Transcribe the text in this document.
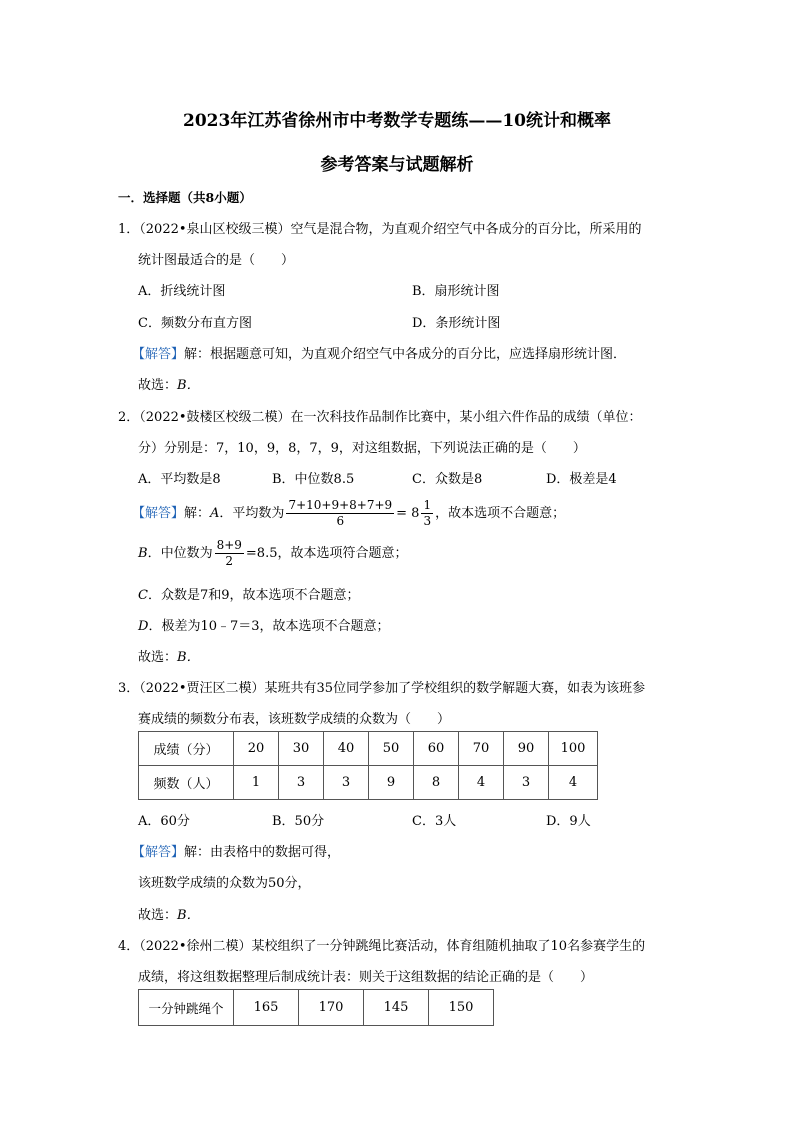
2023年江苏省徐州市中考数学专题练——10统计和概率
参考答案与试题解析
一．选择题（共8小题）
1．（2022•泉山区校级三模）空气是混合物，为直观介绍空气中各成分的百分比，所采用的
统计图最适合的是（　　）
A．折线统计图	B．扇形统计图
C．频数分布直方图	D．条形统计图
【解答】解：根据题意可知，为直观介绍空气中各成分的百分比，应选择扇形统计图．
故选：B．
2．（2022•鼓楼区校级二模）在一次科技作品制作比赛中，某小组六件作品的成绩（单位：
分）分别是：7，10，9，8，7，9，对这组数据，下列说法正确的是（　　）
A．平均数是8	B．中位数8.5	C．众数是8	D．极差是4
【解答】解：A．平均数为 $\frac{7+10+9+8+7+9}{6} = 8 \frac{1}{3}$ ，故本选项不合题意；
B．中位数为 $\frac{8+9}{2} =8.5$，故本选项符合题意；
C．众数是7和9，故本选项不合题意；
D．极差为10﹣7＝3，故本选项不合题意；
故选：B．
3．（2022•贾汪区二模）某班共有35位同学参加了学校组织的数学解题大赛，如表为该班参
赛成绩的频数分布表，该班数学成绩的众数为（　　）
成绩（分）	20	30	40	50	60	70	90	100
频数（人）	1	3	3	9	8	4	3	4
A．60分	B．50分	C．3人	D．9人
【解答】解：由表格中的数据可得，
该班数学成绩的众数为50分，
故选：B．
4．（2022•徐州二模）某校组织了一分钟跳绳比赛活动，体育组随机抽取了10名参赛学生的
成绩，将这组数据整理后制成统计表：则关于这组数据的结论正确的是（　　）
一分钟跳绳个	165	170	145	150
